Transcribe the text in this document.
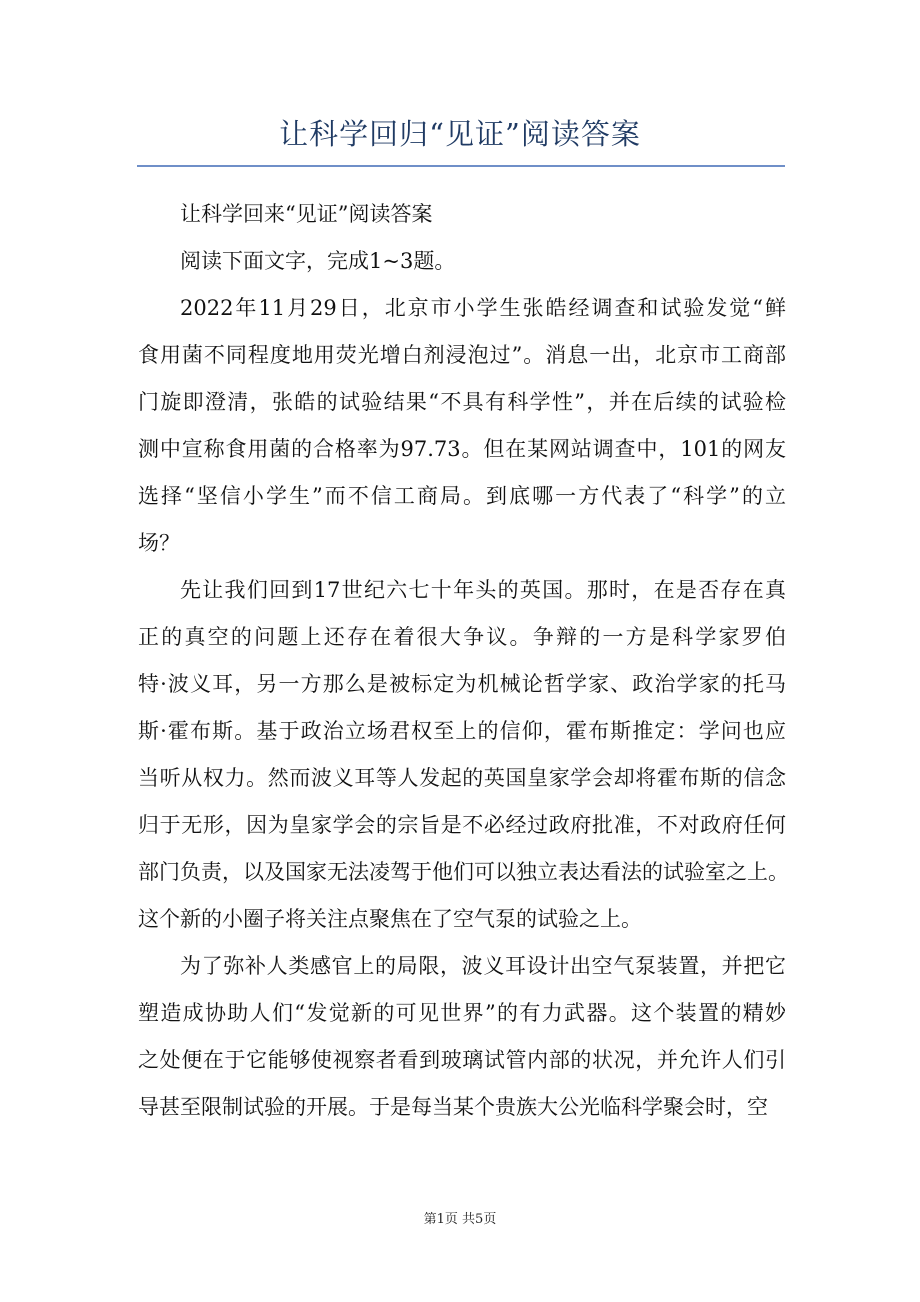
让科学回归“见证”阅读答案
让科学回来“见证”阅读答案
阅读下面文字，完成1~3题。
2022年11月29日，北京市小学生张皓经调查和试验发觉“鲜
食用菌不同程度地用荧光增白剂浸泡过”。消息一出，北京市工商部
门旋即澄清，张皓的试验结果“不具有科学性”，并在后续的试验检
测中宣称食用菌的合格率为97.73。但在某网站调查中，101的网友
选择“坚信小学生”而不信工商局。到底哪一方代表了“科学”的立
场？
先让我们回到17世纪六七十年头的英国。那时，在是否存在真
正的真空的问题上还存在着很大争议。争辩的一方是科学家罗伯
特·波义耳，另一方那么是被标定为机械论哲学家、政治学家的托马
斯·霍布斯。基于政治立场君权至上的信仰，霍布斯推定：学问也应
当听从权力。然而波义耳等人发起的英国皇家学会却将霍布斯的信念
归于无形，因为皇家学会的宗旨是不必经过政府批准，不对政府任何
部门负责，以及国家无法凌驾于他们可以独立表达看法的试验室之上。
这个新的小圈子将关注点聚焦在了空气泵的试验之上。
为了弥补人类感官上的局限，波义耳设计出空气泵装置，并把它
塑造成协助人们“发觉新的可见世界”的有力武器。这个装置的精妙
之处便在于它能够使视察者看到玻璃试管内部的状况，并允许人们引
导甚至限制试验的开展。于是每当某个贵族大公光临科学聚会时，空
第1页 共5页
